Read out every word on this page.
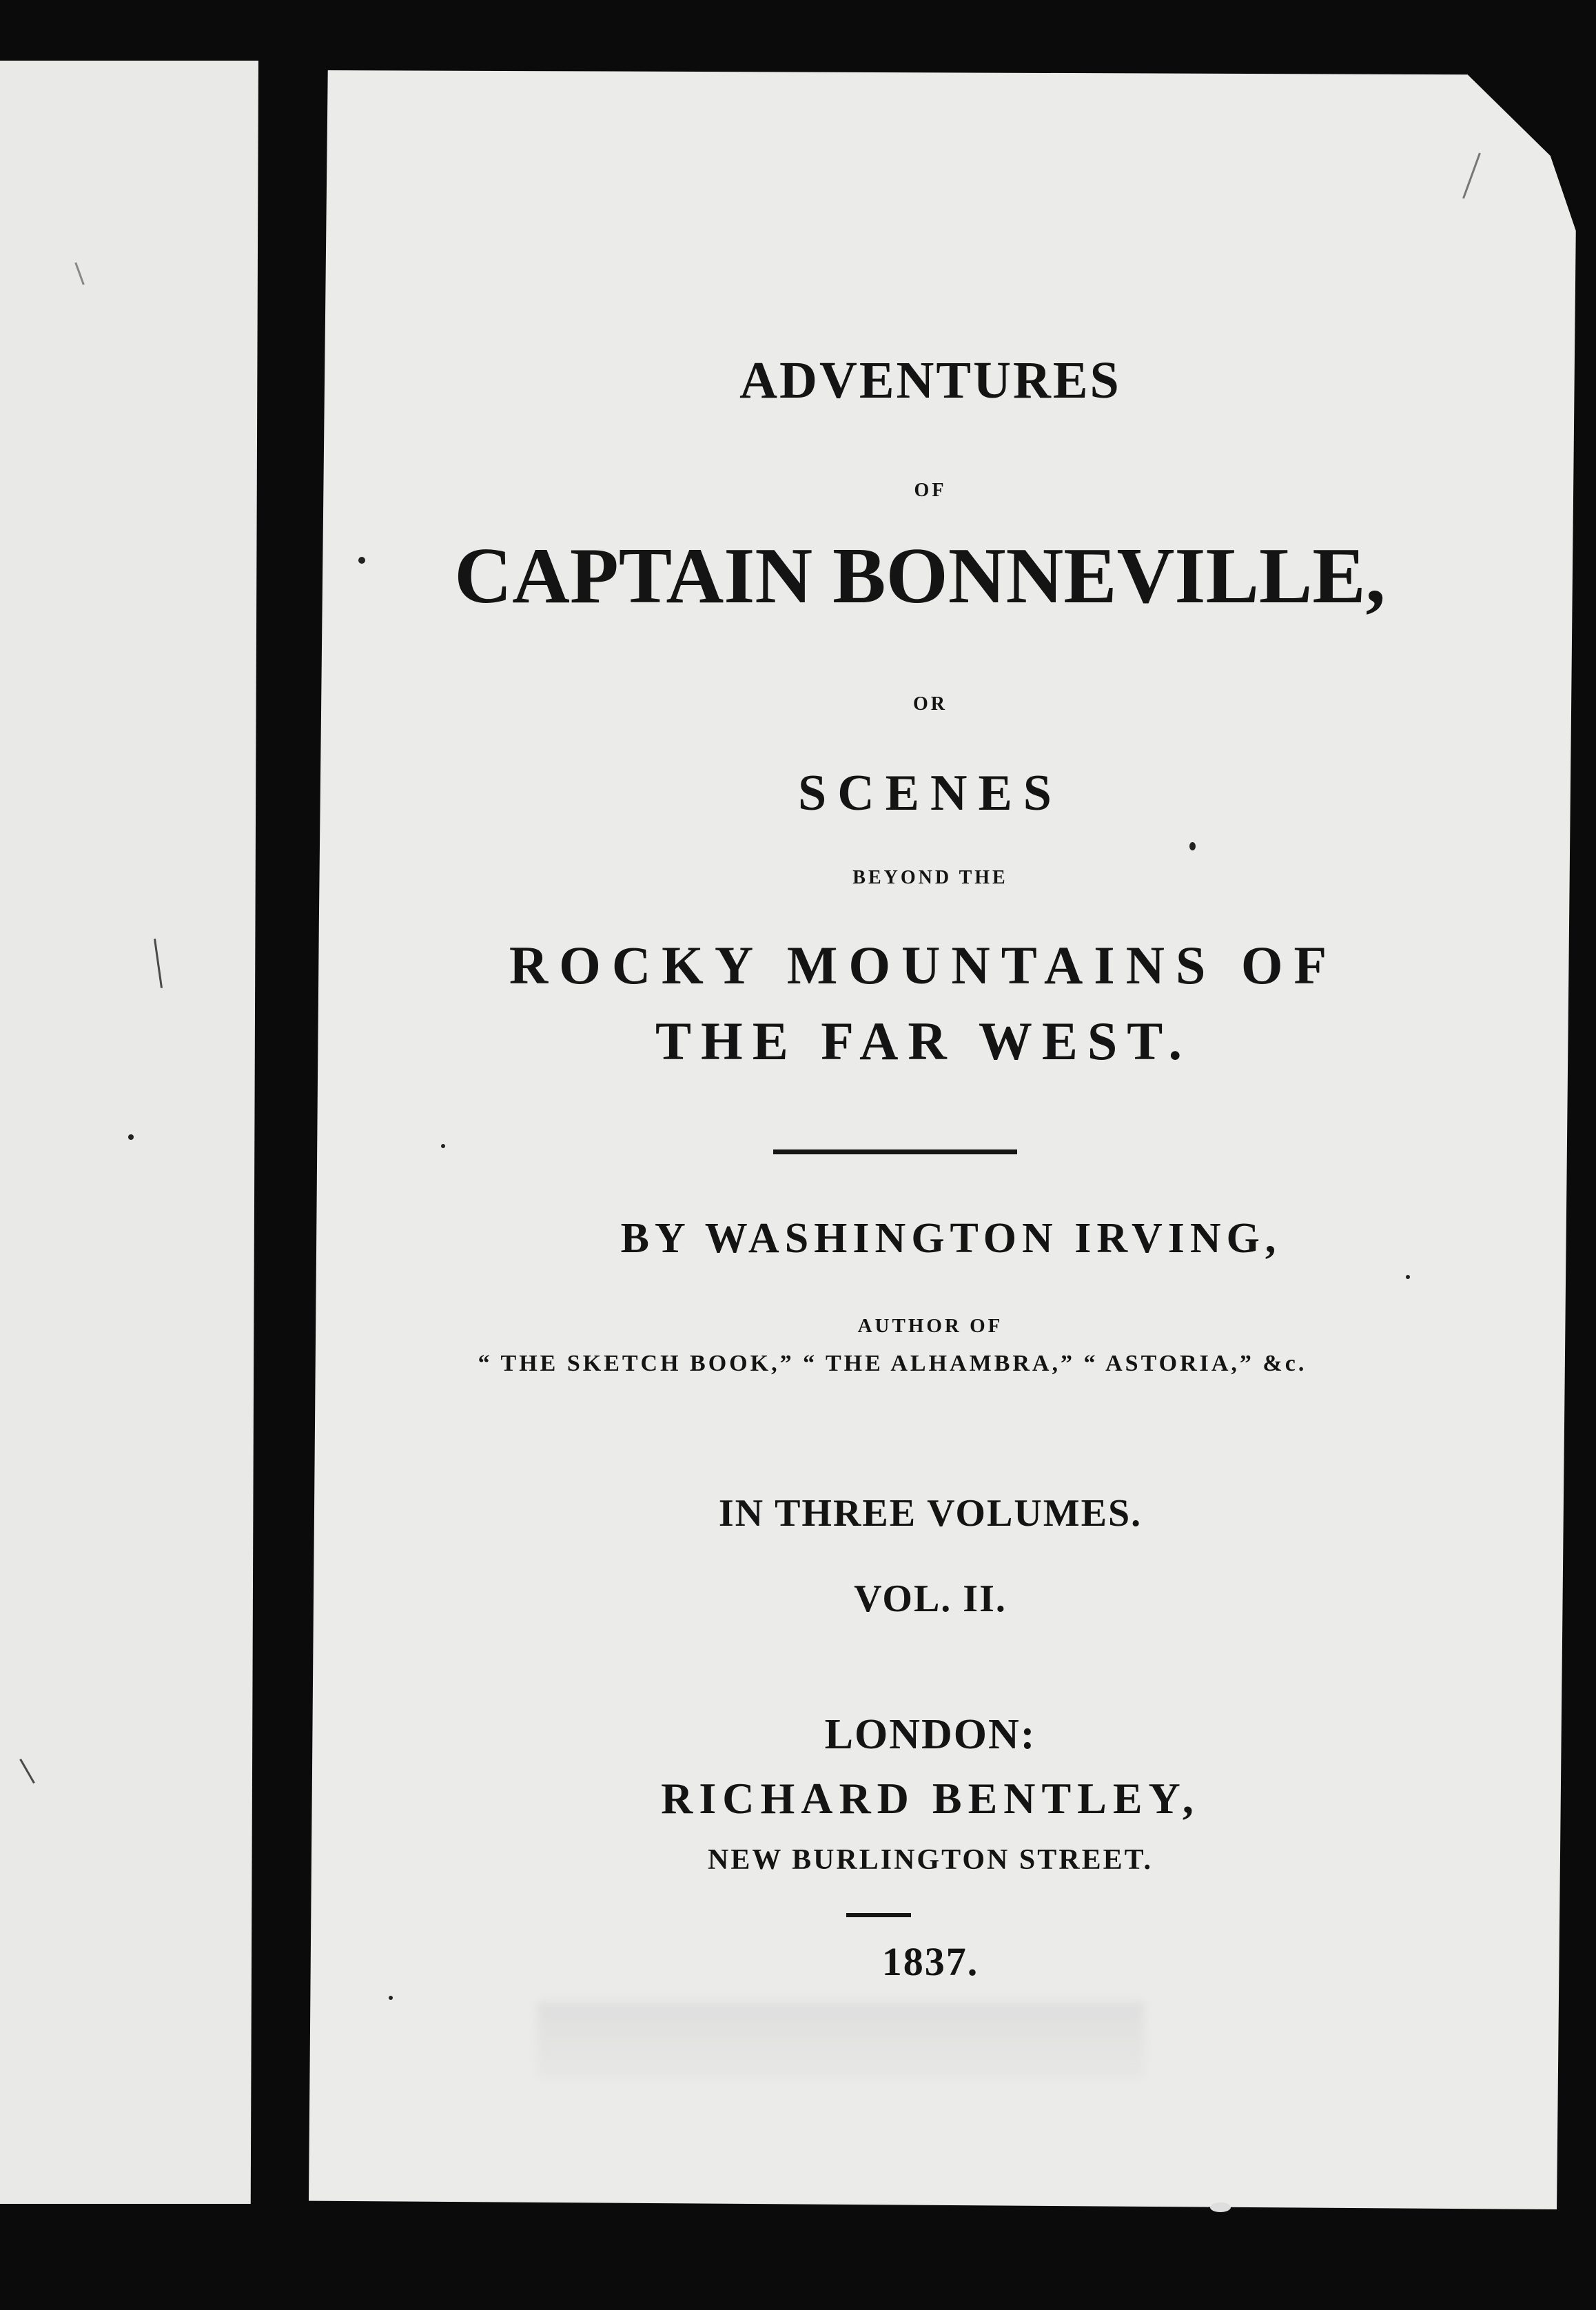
ADVENTURES
OF
CAPTAIN BONNEVILLE,
OR
SCENES
BEYOND THE
ROCKY MOUNTAINS OF
THE FAR WEST.
BY WASHINGTON IRVING,
AUTHOR OF
“ THE SKETCH BOOK,” “ THE ALHAMBRA,” “ ASTORIA,” &c.
IN THREE VOLUMES.
VOL. II.
LONDON:
RICHARD BENTLEY,
NEW BURLINGTON STREET.
1837.
